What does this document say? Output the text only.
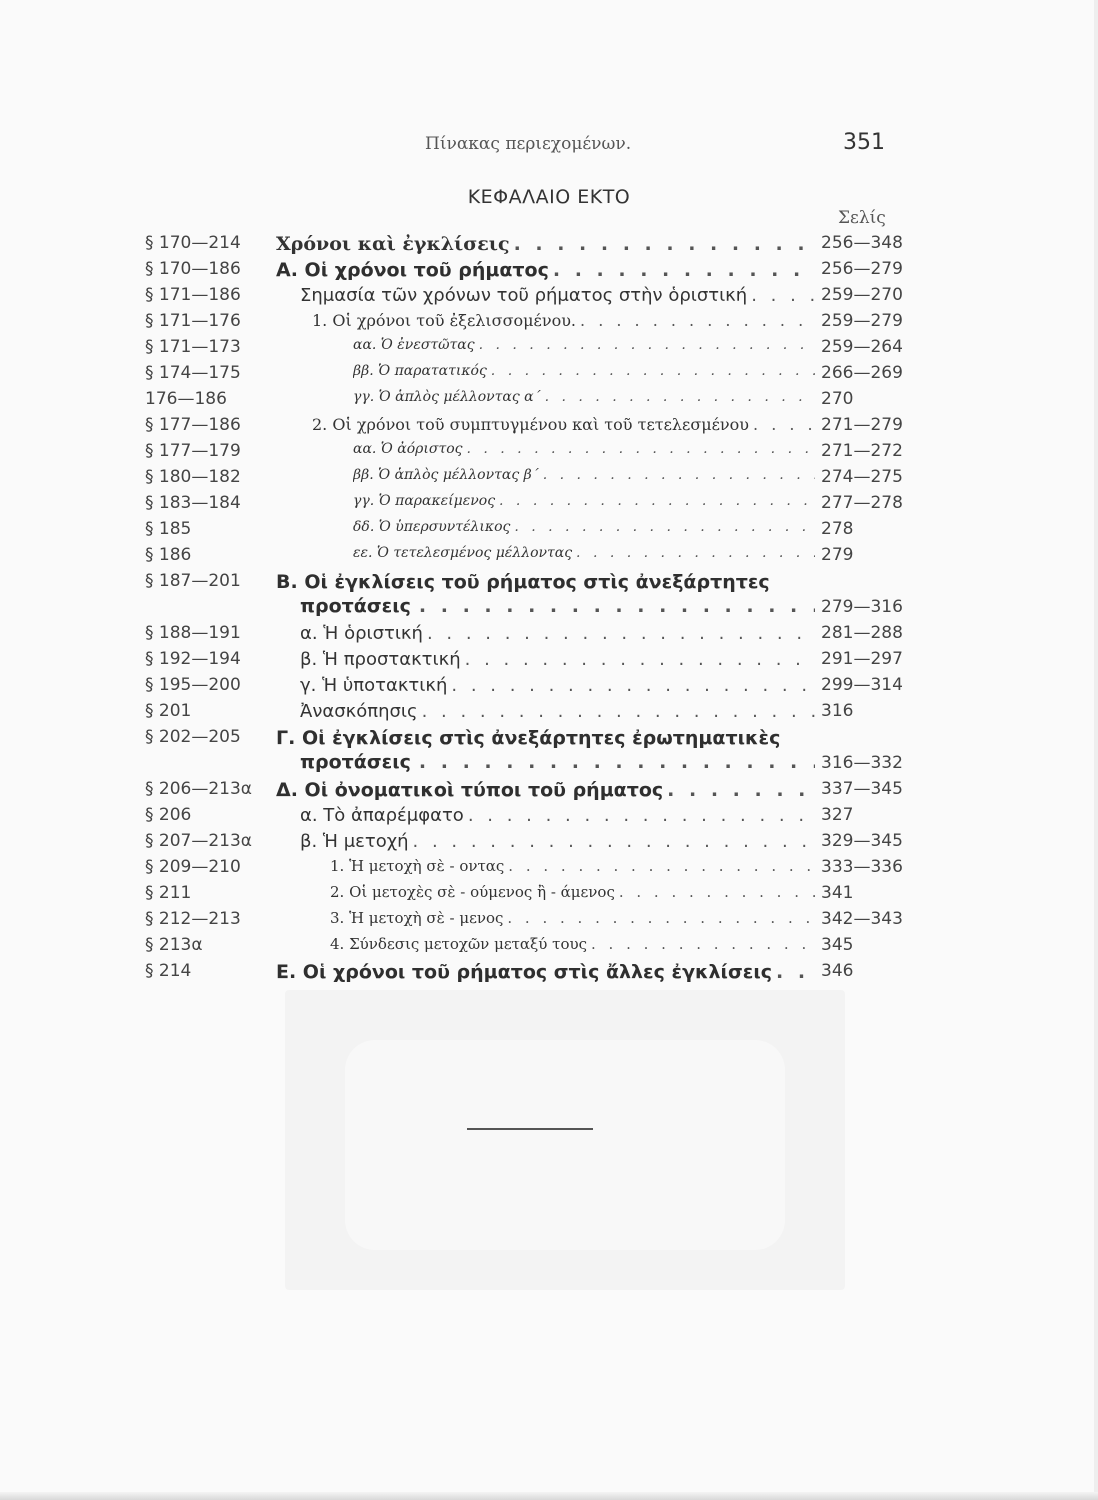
Πίνακας περιεχομένων.	351
ΚΕΦΑΛΑΙΟ ΕΚΤΟ
Σελίς
§ 170—214 Χρόνοι καὶ ἐγκλίσεις . . .	256—348
§ 170—186 Α. Οἱ χρόνοι τοῦ ρήματος . . .	256—279
§ 171—186	Σημασία τῶν χρόνων τοῦ ρήματος στὴν ὁριστική . . .	259—270
§ 171—176	1. Οἱ χρόνοι τοῦ ἐξελισσομένου. . . .	259—279
§ 171—173	αα. Ὁ ἐνεστῶτας . . .	259—264
§ 174—175	ββ. Ὁ παρατατικός . . .	266—269
176—186	γγ. Ὁ ἁπλὸς μέλλοντας α΄ . . .	270
§ 177—186	2. Οἱ χρόνοι τοῦ συμπτυγμένου καὶ τοῦ τετελεσμένου . . .	271—279
§ 177—179	αα. Ὁ ἀόριστος . . .	271—272
§ 180—182	ββ. Ὁ ἁπλὸς μέλλοντας β΄ . . .	274—275
§ 183—184	γγ. Ὁ παρακείμενος . . .	277—278
§ 185	δδ. Ὁ ὑπερσυντέλικος . . .	278
§ 186	εε. Ὁ τετελεσμένος μέλλοντας . . .	279
§ 187—201 Β. Οἱ ἐγκλίσεις τοῦ ρήματος στὶς ἀνεξάρτητες
προτάσεις . . .	279—316
§ 188—191	α. Ἡ ὁριστική . . .	281—288
§ 192—194	β. Ἡ προστακτική . . .	291—297
§ 195—200	γ. Ἡ ὑποτακτική . . .	299—314
§ 201	Ἀνασκόπησις . . .	316
§ 202—205 Γ. Οἱ ἐγκλίσεις στὶς ἀνεξάρτητες ἐρωτηματικὲς
προτάσεις . . .	316—332
§ 206—213α Δ. Οἱ ὀνοματικοὶ τύποι τοῦ ρήματος . . .	337—345
§ 206	α. Τὸ ἀπαρέμφατο . . .	327
§ 207—213α	β. Ἡ μετοχή . . .	329—345
§ 209—210	1. Ἡ μετοχὴ σὲ - οντας . . .	333—336
§ 211	2. Οἱ μετοχὲς σὲ - ούμενος ἢ - άμενος . . .	341
§ 212—213	3. Ἡ μετοχὴ σὲ - μενος . . .	342—343
§ 213α	4. Σύνδεσις μετοχῶν μεταξύ τους . . .	345
§ 214	Ε. Οἱ χρόνοι τοῦ ρήματος στὶς ἄλλες ἐγκλίσεις . . .	346
